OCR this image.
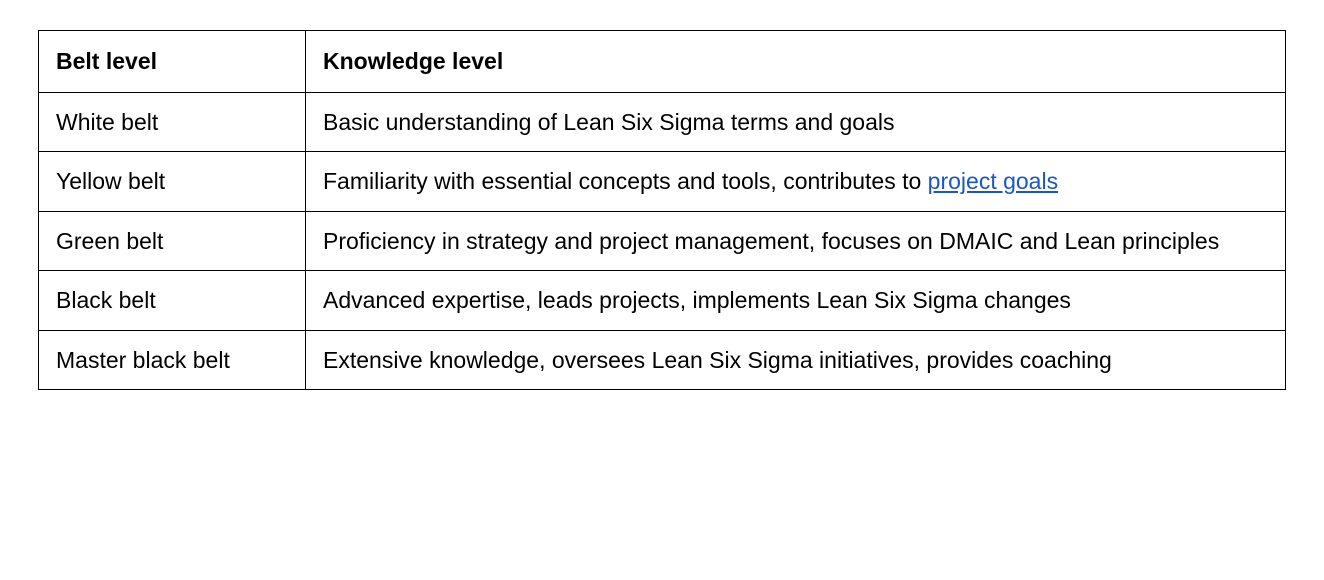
Belt level	Knowledge level
White belt	Basic understanding of Lean Six Sigma terms and goals
Yellow belt	Familiarity with essential concepts and tools, contributes to project goals
Green belt	Proficiency in strategy and project management, focuses on DMAIC and Lean principles
Black belt	Advanced expertise, leads projects, implements Lean Six Sigma changes
Master black belt	Extensive knowledge, oversees Lean Six Sigma initiatives, provides coaching
